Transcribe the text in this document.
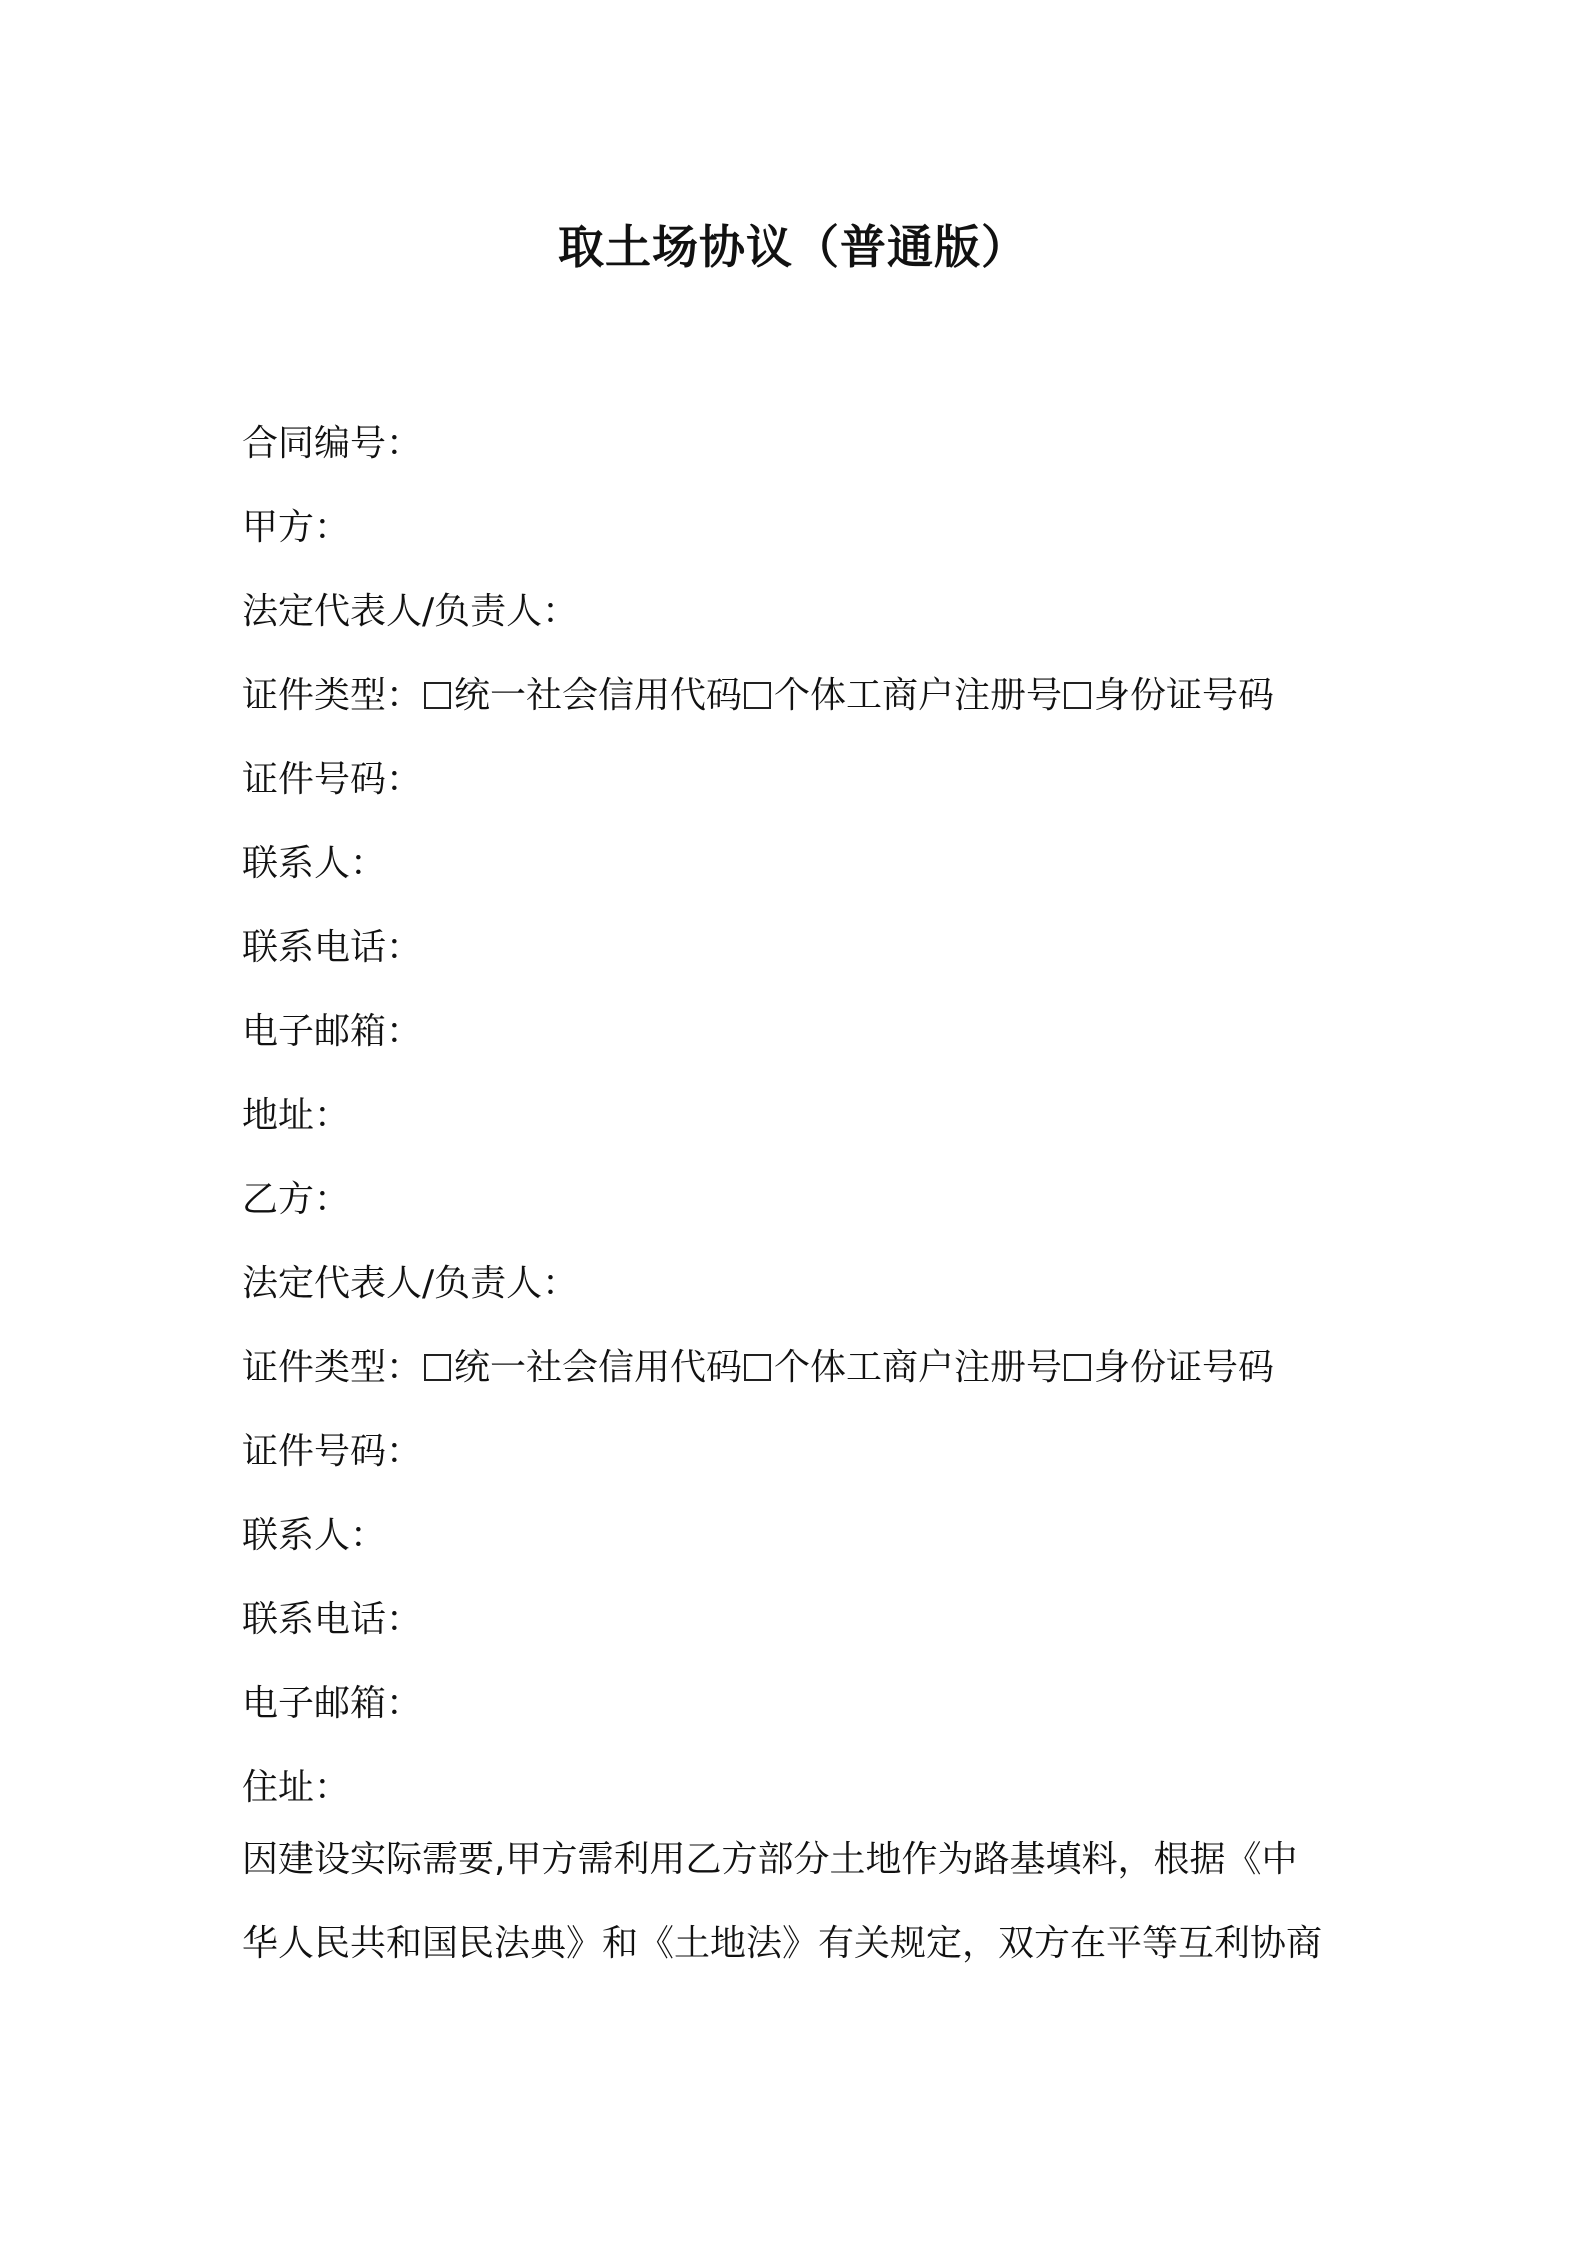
取土场协议（普通版）
合同编号：
甲方：
法定代表人/负责人：
证件类型： 统一社会信用代码 个体工商户注册号 身份证号码
证件号码：
联系人：
联系电话：
电子邮箱：
地址：
乙方：
法定代表人/负责人：
证件类型： 统一社会信用代码 个体工商户注册号 身份证号码
证件号码：
联系人：
联系电话：
电子邮箱：
住址：
因建设实际需要,甲方需利用乙方部分土地作为路基填料，根据《中
华人民共和国民法典》和《土地法》有关规定，双方在平等互利协商
